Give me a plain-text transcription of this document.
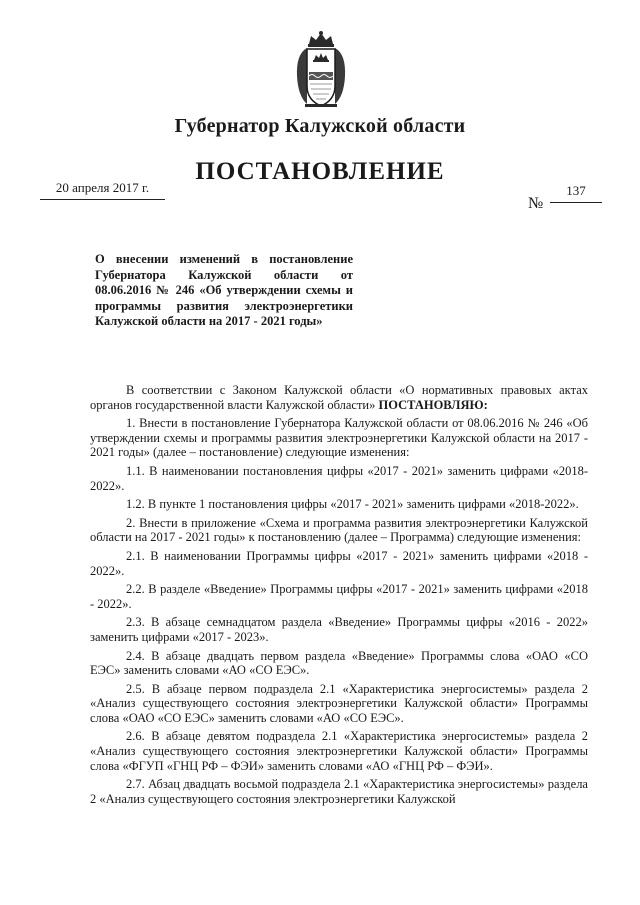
Губернатор Калужской области
ПОСТАНОВЛЕНИЕ
20 апреля 2017 г.
№
137
О внесении изменений в постановление Губернатора Калужской области от 08.06.2016 № 246 «Об утверждении схемы и программы развития электроэнергетики Калужской области на 2017 - 2021 годы»

В соответствии с Законом Калужской области «О нормативных правовых актах органов государственной власти Калужской области» ПОСТАНОВЛЯЮ:

1. Внести в постановление Губернатора Калужской области от 08.06.2016 № 246 «Об утверждении схемы и программы развития электроэнергетики Калужской области на 2017 - 2021 годы» (далее – постановление) следующие изменения:

1.1. В наименовании постановления цифры «2017 - 2021» заменить цифрами «2018-2022».

1.2. В пункте 1 постановления цифры «2017 - 2021» заменить цифрами «2018-2022».

2. Внести в приложение «Схема и программа развития электроэнергетики Калужской области на 2017 - 2021 годы» к постановлению (далее – Программа) следующие изменения:

2.1. В наименовании Программы цифры «2017 - 2021» заменить цифрами «2018 - 2022».

2.2. В разделе «Введение» Программы цифры «2017 - 2021» заменить цифрами «2018 - 2022».

2.3. В абзаце семнадцатом раздела «Введение» Программы цифры «2016 - 2022» заменить цифрами «2017 - 2023».

2.4. В абзаце двадцать первом раздела «Введение» Программы слова «ОАО «СО ЕЭС» заменить словами «АО «СО ЕЭС».

2.5. В абзаце первом подраздела 2.1 «Характеристика энергосистемы» раздела 2 «Анализ существующего состояния электроэнергетики Калужской области» Программы слова «ОАО «СО ЕЭС» заменить словами «АО «СО ЕЭС».

2.6. В абзаце девятом подраздела 2.1 «Характеристика энергосистемы» раздела 2 «Анализ существующего состояния электроэнергетики Калужской области» Программы слова «ФГУП «ГНЦ РФ – ФЭИ» заменить словами «АО «ГНЦ РФ – ФЭИ».

2.7. Абзац двадцать восьмой подраздела 2.1 «Характеристика энергосистемы» раздела 2 «Анализ существующего состояния электроэнергетики Калужской
